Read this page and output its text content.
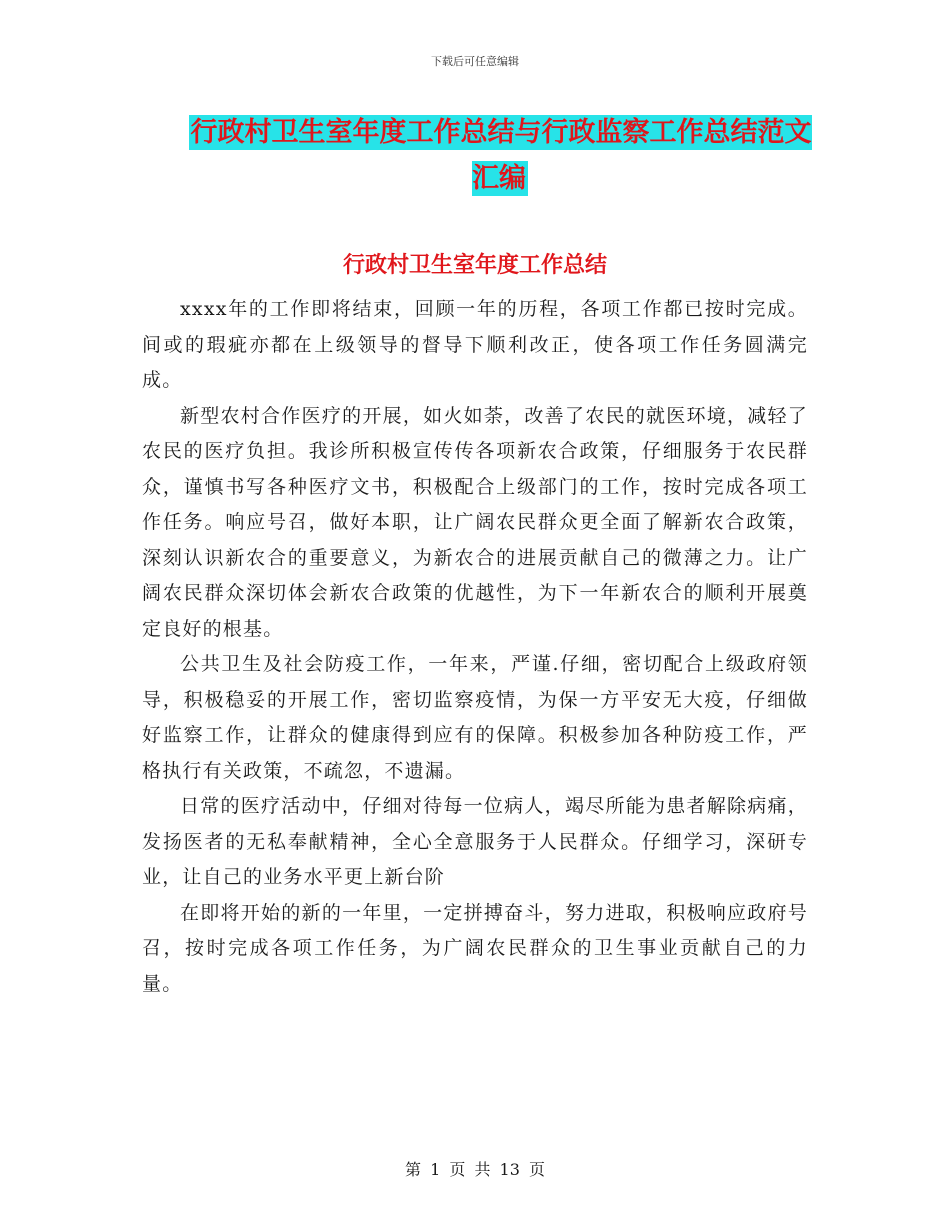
下载后可任意编辑
行政村卫生室年度工作总结与行政监察工作总结范文汇编
行政村卫生室年度工作总结

xxxx年的工作即将结束，回顾一年的历程，各项工作都已按时完成。间或的瑕疵亦都在上级领导的督导下顺利改正，使各项工作任务圆满完成。

新型农村合作医疗的开展，如火如荼，改善了农民的就医环境，减轻了农民的医疗负担。我诊所积极宣传传各项新农合政策，仔细服务于农民群众，谨慎书写各种医疗文书，积极配合上级部门的工作，按时完成各项工作任务。响应号召，做好本职，让广阔农民群众更全面了解新农合政策，深刻认识新农合的重要意义，为新农合的进展贡献自己的微薄之力。让广阔农民群众深切体会新农合政策的优越性，为下一年新农合的顺利开展奠定良好的根基。

公共卫生及社会防疫工作，一年来，严谨.仔细，密切配合上级政府领导，积极稳妥的开展工作，密切监察疫情，为保一方平安无大疫，仔细做好监察工作，让群众的健康得到应有的保障。积极参加各种防疫工作，严格执行有关政策，不疏忽，不遗漏。

日常的医疗活动中，仔细对待每一位病人，竭尽所能为患者解除病痛，发扬医者的无私奉献精神，全心全意服务于人民群众。仔细学习，深研专业，让自己的业务水平更上新台阶

在即将开始的新的一年里，一定拼搏奋斗，努力进取，积极响应政府号召，按时完成各项工作任务，为广阔农民群众的卫生事业贡献自己的力量。

第 1 页 共 13 页
